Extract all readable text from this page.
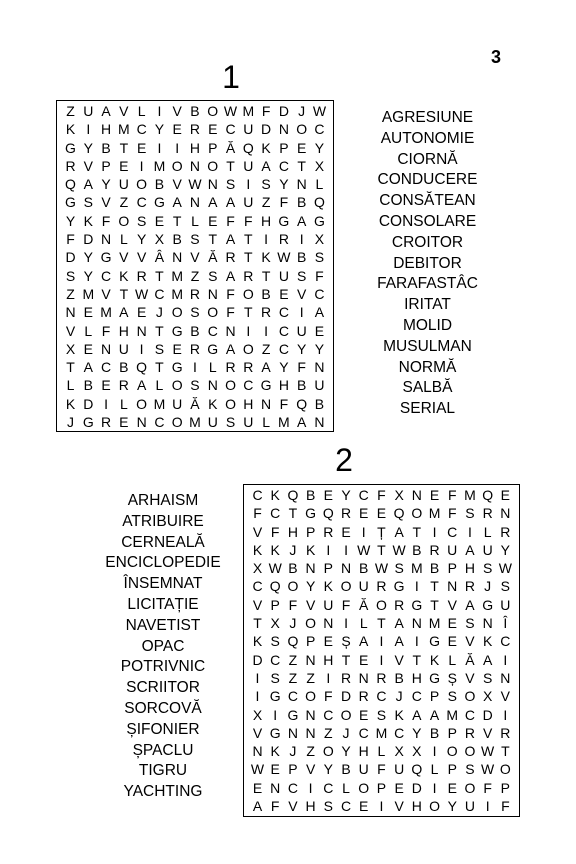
3
1
Z U A V L I V B O W M F D J W
K I H M C Y E R E C U D N O C
G Y B T E I I H P Ă Q K P E Y
R V P E I M O N O T U A C T X
Q A Y U O B V W N S I S Y N L
G S V Z C G A N A A U Z F B Q
Y K F O S E T L E F F H G A G
F D N L Y X B S T A T I R I X
D Y G V V Â N V Ă R T K W B S
S Y C K R T M Z S A R T U S F
Z M V T W C M R N F O B E V C
N E M A E J O S O F T R C I A
V L F H N T G B C N I I C U E
X E N U I S E R G A O Z C Y Y
T A C B Q T G I L R R A Y F N
L B E R A L O S N O C G H B U
K D I L O M U Ă K O H N F Q B
J G R E N C O M U S U L M A N
AGRESIUNE
AUTONOMIE
CIORNĂ
CONDUCERE
CONSĂTEAN
CONSOLARE
CROITOR
DEBITOR
FARAFASTÂC
IRITAT
MOLID
MUSULMAN
NORMĂ
SALBĂ
SERIAL
2
C K Q B E Y C F X N E F M Q E
F C T G Q R E E Q O M F S R N
V F H P R E I Ț A T I C I L R
K K J K I I W T W B R U A U Y
X W B N P N B W S M B P H S W
C Q O Y K O U R G I T N R J S
V P F V U F Ă O R G T V A G U
T X J O N I L T A N M E S N Î
K S Q P E Ș A I A I G E V K C
D C Z N H T E I V T K L Ă A I
I S Z Z I R N R B H G Ș V S N
I G C O F D R C J C P S O X V
X I G N C O E S K A A M C D I
V G N N Z J C M C Y B P R V R
N K J Z O Y H L X X I O O W T
W E P V Y B U F U Q L P S W O
E N C I C L O P E D I E O F P
A F V H S C E I V H O Y U I F
ARHAISM
ATRIBUIRE
CERNEALĂ
ENCICLOPEDIE
ÎNSEMNAT
LICITAȚIE
NAVETIST
OPAC
POTRIVNIC
SCRIITOR
SORCOVĂ
ȘIFONIER
ȘPACLU
TIGRU
YACHTING
